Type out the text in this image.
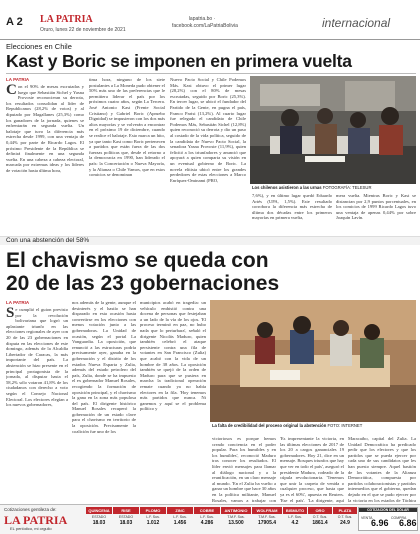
A 2 LA PATRIA
Oruro, lunes 22 de noviembre de 2021
lapatria.bo · facebook.com/LaPatriaBolivia	internacional
Elecciones en Chile
Kast y Boric se imponen en primera vuelta
LA PATRIA
Con el 90% de mesas escrutadas y luego que Sebastián Sichel y Yasna Provoste reconocieran su derrota, los resultados consolidan al líder de Republicanos (28,2% de votos) y al diputado por Magallanes (25,3%) como los ganadores de la jornada, quienes se enfrentarán en segunda vuelta. Un balotaje que tuvo la diferencia más estrecha desde 1999, con una ventaja de 0,44% por parte de Ricardo Lagos. El próximo Presidente de la República se definirá finalmente en una segunda vuelta. En una cabeza a cabeza electoral, marcada por extremas ideas y los líderes de votación hasta última hora,
tima hora, ninguno de los siete postulantes a La Moneda pudo obtener el 50% más uno de las preferencias que le permitiera liderar el país por los próximos cuatro años, según La Tercera. José Antonio Kast (Frente Social Cristiano) y Gabriel Boric (Apruebo Dignidad) se impusieron con los dos más altos mayorías y se volverán a encontrar en el próximo 19 de diciembre, cuando se realice el balotaje. Esto marca un hito, ya que tanto Kast como Boric pertenecen a partidos que están fuera de las dos fuerzas políticas que, desde el retorno a la democracia en 1990, han liderado el país: la Concertación o Nueva Mayoría, y la Alianza o Chile Vamos, que en estos comicios se denominan
Nuevo Pacto Social y Chile Podemos Más. Kast obtuvo el primer lugar (28,2%) con el 80% de mesas escrutadas, seguido por Boric (25,3%). En tercer lugar, se ubicó el fundador del Partido de la Gente, en pugna el país, Franco Parisi (13,2%). Al cuarto lugar fue relegado el candidato de Chile Podemos Más, Sebastián Sichel (12,8%) quien reconoció su derrota y dio un paso al costado de la vida política, seguido de la candidata de Nuevo Pacto Social, la senadora Yasna Provoste (11,9%), quien felicitó a los triunfadores y anunció que apoyará a quien comparta su visión en un eventual gobierno de Boric. La novela elitista ubicó entre los grandes perdedores de estas elecciones a Marco Enríquez-Ominami (PRO,
Los chilenos asistieron a las urnas FOTOGRAFÍA: TELESUR
7,6%), y en último lugar quedó Eduardo Artés (UPA, 1,5%). Este resultado corrobora la diferencia más estrecha de última dos décadas entre los primeros mayorías en primera vuelta,
mera vuelta. Mientras Boric y Kast se distancian por 2,9 puntos porcentuales, en los comicios de 1999 Ricardo Lagos tuvo una ventaja de apenas 0,44% por sobre Joaquín Lavín.
Con una abstención del 58%
El chavismo se queda con
20 de las 23 gobernaciones
LA PATRIA
Se cumplió el guion previsto por la revolución bolivariana que logró un aplastante triunfo en las elecciones regionales de ayer con 20 de las 23 gobernaciones en disputa en las elecciones de este domingo, además de la Alcaldía Libertador de Caracas, la más importante del país. La abstención se hizo presente en el principal protagonista de la jornada, al disputar hasta el 58,2% sólo votaron 41,8% de los ciudadanos con derecho a voto según el Consejo Nacional Electoral. Los electores elegían a los nuevos gobernadores,
nos además de la gente, aunque el desinterés y el hastío se han disparado en esta ocasión hasta convertirse en los elecciones con menos votación junto a las gobernadoras. La Unidad de ocasión, según el portal La Vanguardia. La oposición, que renunció a las estructuras podría precisamente ayer, ganaba en la gobernación y el distrito de los estados Nueva Esparta y Zulia, además del estado petrolero del país, Zulia, donde se ha impuesto el ex gobernador Manuel Rosales, recogiendo la formación de oposición principal, y el chavismo la gana en la zona más populosa del país. El dirigente histórico Manuel Rosales recuperó la gobernación de un estado clave para el chavismo en territorio de la oposición. Precisamente la coalición fue uno de los
municipios acabó en tragedia: un vehículo embistió contra una docena de personas que festejaban a un lado de la vía de los ojos. 'El proceso terminó en paz, no hubo nada que lo perturbara', señaló el dirigente Nicolás Maduro, quien también celebró el ataque persistente contra una fila de votantes en San Francisco (Zulia) que acabó con la vida de un hombre de 38 años. La oposición también se quejó de la orden de Maduro para que se pusiera en marcha la tradicional operación remate cuando ya no había electores en la fila. 'Hoy tenemos más partidos que nunca. Ni ganemos y aquí se el problema político y
La falta de credibilidad del proceso original la abstención FOTO: INTERNET
victoriosos es porque hemos creado conciencia en el poder popular. Para los humildes y en los humildes', reconoció Maduro tras conocer los resultados. El líder envió mensajes para llamar al diálogo nacional y a la reunificación, en un claro mensaje al mundo. 'En el Zulia ha vuelto a ganar un hombre que hace 30 años en la política militante, Manuel Rosales, vamos a trabajar con
'Es impresentante la victoria, en las últimas elecciones de 2017 de los 20 a cargos gananciales 19 gobernadores. Hoy 21, dice en un mensaje. Bosques triunfos que hay que ver en todo el país', aseguró el presidente Maduro, rodeado de la cúpula revolucionaria. 'Tenemos que unir la carpeta de venida o cualquier proceso, que hasta que ya es el 60%', apuesta en Reuters. 'Ese el país'. 'La dirigente, aquí
Maracaibo, capital del Zulia. La Unidad Democrática ha predicado pedir que los electores y que los partidos que se pueda ejercer por cada uno de sus candidatos que les han puesto siempre. Aquel bastión de los votantes de la Alianza Democrática, compuesta por partidos colaboracionistas y partidos intermedios que el gobierno, quedan dejado en el que se pudo ejercer por la victoria en los estados de Táchira
Cotizaciones gentileza de:
LA PATRIA
EL periódico, mi orgullo
QUINCENA
ESTADO
18.03
RISE
ESTADO
18.03
PLOMO
L.F. Sus.
1.012
ZINC
L.F. Sus.
1.456
COBRE
L.F. Sus.
4.286
ANTIMONIO
T.M.F. Sus.
13.500
WOLFRAM
T.M.F. Sus.
17905.4
BISMUTO
L.F. Sus.
4.2
ORO
O.T. Sus.
1861.4
PLATA
O.T. Sus.
24.9
COTIZACIÓN DEL DÓLAR
VENTA
6.96 COMPRA
6.86
